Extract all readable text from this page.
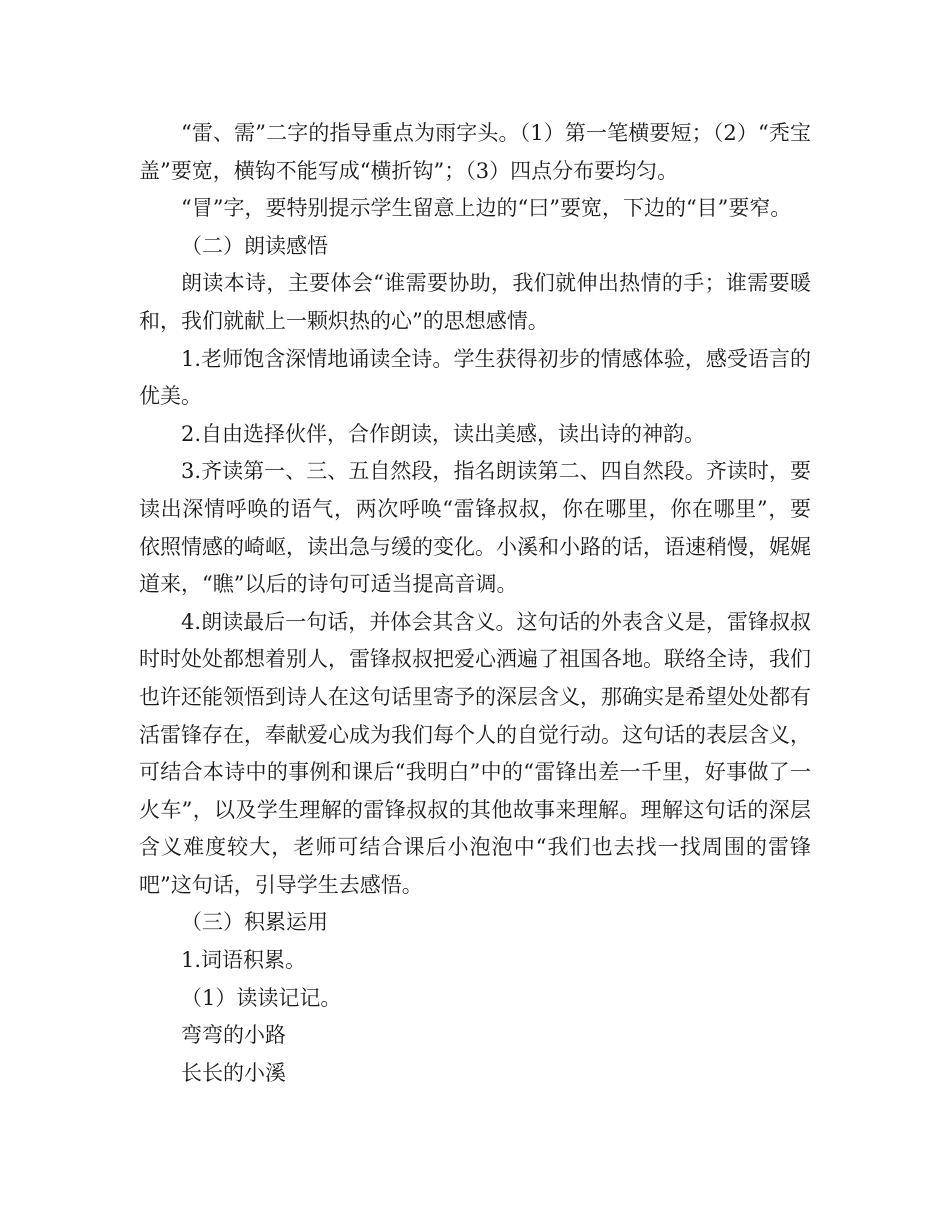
“雷、需”二字的指导重点为雨字头。（1）第一笔横要短；（2）“秃宝盖”要宽，横钩不能写成“横折钩”；（3）四点分布要均匀。

“冒”字，要特别提示学生留意上边的“曰”要宽，下边的“目”要窄。

（二）朗读感悟

朗读本诗，主要体会“谁需要协助，我们就伸出热情的手；谁需要暖和，我们就献上一颗炽热的心”的思想感情。

1.老师饱含深情地诵读全诗。学生获得初步的情感体验，感受语言的优美。

2.自由选择伙伴，合作朗读，读出美感，读出诗的神韵。

3.齐读第一、三、五自然段，指名朗读第二、四自然段。齐读时，要读出深情呼唤的语气，两次呼唤“雷锋叔叔，你在哪里，你在哪里”，要依照情感的崎岖，读出急与缓的变化。小溪和小路的话，语速稍慢，娓娓道来，“瞧”以后的诗句可适当提高音调。

4.朗读最后一句话，并体会其含义。这句话的外表含义是，雷锋叔叔时时处处都想着别人，雷锋叔叔把爱心洒遍了祖国各地。联络全诗，我们也许还能领悟到诗人在这句话里寄予的深层含义，那确实是希望处处都有活雷锋存在，奉献爱心成为我们每个人的自觉行动。这句话的表层含义，可结合本诗中的事例和课后“我明白”中的“雷锋出差一千里，好事做了一火车”，以及学生理解的雷锋叔叔的其他故事来理解。理解这句话的深层含义难度较大，老师可结合课后小泡泡中“我们也去找一找周围的雷锋吧”这句话，引导学生去感悟。

（三）积累运用

1.词语积累。

（1）读读记记。

弯弯的小路

长长的小溪
